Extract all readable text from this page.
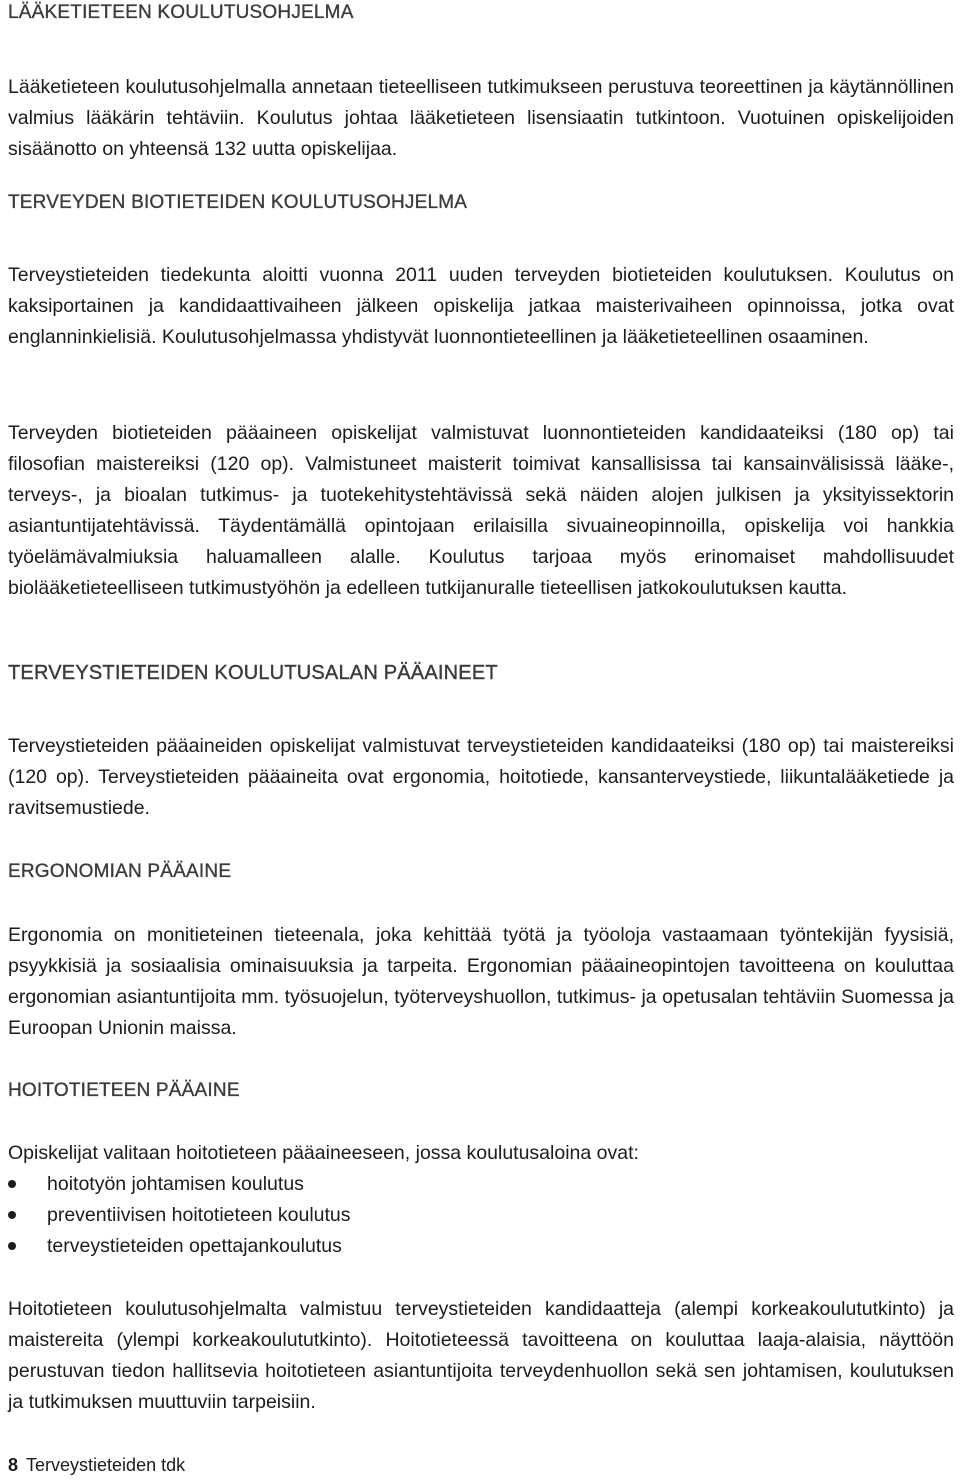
LÄÄKETIETEEN KOULUTUSOHJELMA

Lääketieteen koulutusohjelmalla annetaan tieteelliseen tutkimukseen perustuva teoreettinen ja käytännöllinen valmius lääkärin tehtäviin. Koulutus johtaa lääketieteen lisensiaatin tutkintoon. Vuotuinen opiskelijoiden sisäänotto on yhteensä 132 uutta opiskelijaa.

TERVEYDEN BIOTIETEIDEN KOULUTUSOHJELMA

Terveystieteiden tiedekunta aloitti vuonna 2011 uuden terveyden biotieteiden koulutuksen. Koulutus on kaksiportainen ja kandidaattivaiheen jälkeen opiskelija jatkaa maisterivaiheen opinnoissa, jotka ovat englanninkielisiä. Koulutusohjelmassa yhdistyvät luonnontieteellinen ja lääketieteellinen osaaminen.

Terveyden biotieteiden pääaineen opiskelijat valmistuvat luonnontieteiden kandidaateiksi (180 op) tai filosofian maistereiksi (120 op). Valmistuneet maisterit toimivat kansallisissa tai kansainvälisissä lääke-, terveys-, ja bioalan tutkimus- ja tuotekehitystehtävissä sekä näiden alojen julkisen ja yksityissektorin asiantuntijatehtävissä. Täydentämällä opintojaan erilaisilla sivuaineopinnoilla, opiskelija voi hankkia työelämävalmiuksia haluamalleen alalle. Koulutus tarjoaa myös erinomaiset mahdollisuudet biolääketieteelliseen tutkimustyöhön ja edelleen tutkijanuralle tieteellisen jatkokoulutuksen kautta.

TERVEYSTIETEIDEN KOULUTUSALAN PÄÄAINEET

Terveystieteiden pääaineiden opiskelijat valmistuvat terveystieteiden kandidaateiksi (180 op) tai maistereiksi (120 op). Terveystieteiden pääaineita ovat ergonomia, hoitotiede, kansanterveystiede, liikuntalääketiede ja ravitsemustiede.

ERGONOMIAN PÄÄAINE

Ergonomia on monitieteinen tieteenala, joka kehittää työtä ja työoloja vastaamaan työntekijän fyysisiä, psyykkisiä ja sosiaalisia ominaisuuksia ja tarpeita. Ergonomian pääaineopintojen tavoitteena on kouluttaa ergonomian asiantuntijoita mm. työsuojelun, työterveyshuollon, tutkimus- ja opetusalan tehtäviin Suomessa ja Euroopan Unionin maissa.

HOITOTIETEEN PÄÄAINE

Opiskelijat valitaan hoitotieteen pääaineeseen, jossa koulutusaloina ovat:

hoitotyön johtamisen koulutus
preventiivisen hoitotieteen koulutus
terveystieteiden opettajankoulutus

Hoitotieteen koulutusohjelmalta valmistuu terveystieteiden kandidaatteja (alempi korkeakoulututkinto) ja maistereita (ylempi korkeakoulututkinto). Hoitotieteessä tavoitteena on kouluttaa laaja-alaisia, näyttöön perustuvan tiedon hallitsevia hoitotieteen asiantuntijoita terveydenhuollon sekä sen johtamisen, koulutuksen ja tutkimuksen muuttuviin tarpeisiin.

8 Terveystieteiden tdk
